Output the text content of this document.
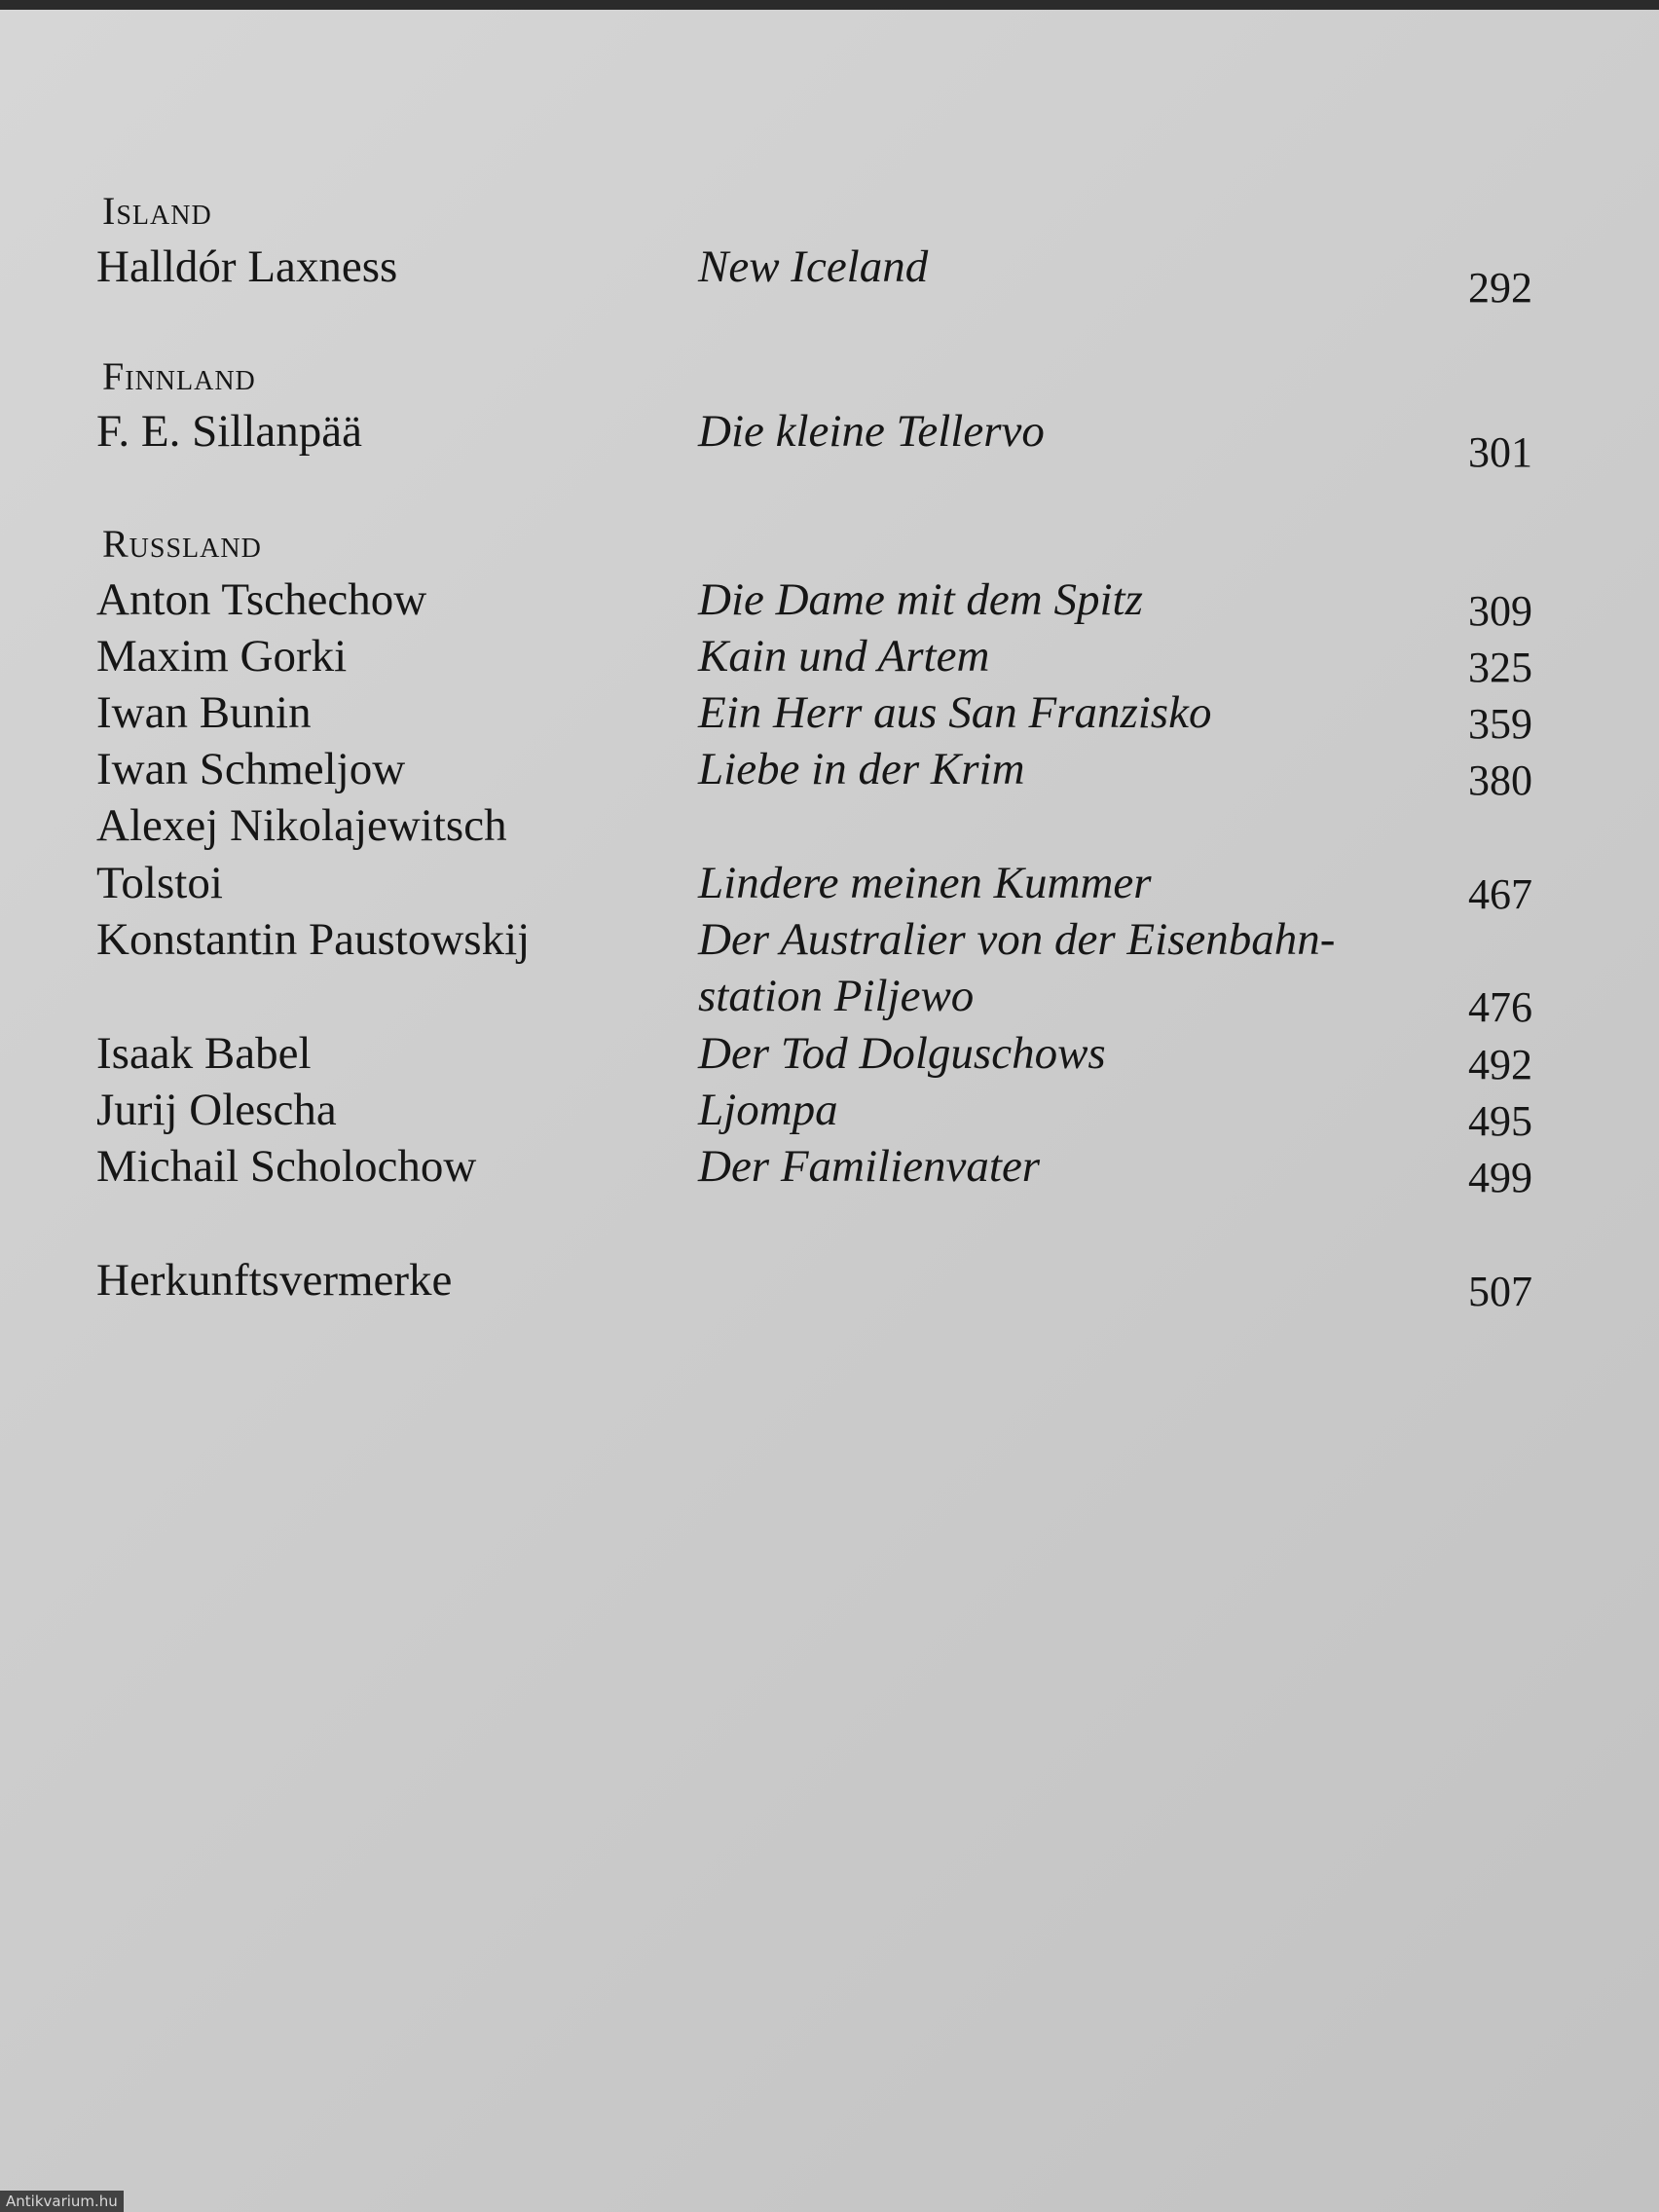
Island
Halldór Laxness	New Iceland	292
Finnland
F. E. Sillanpää	Die kleine Tellervo	301
Russland
Anton Tschechow	Die Dame mit dem Spitz	309
Maxim Gorki	Kain und Artem	325
Iwan Bunin	Ein Herr aus San Franzisko	359
Iwan Schmeljow	Liebe in der Krim	380
Alexej Nikolajewitsch
Tolstoi	Lindere meinen Kummer	467
Konstantin Paustowskij	Der Australier von der Eisenbahn-
station Piljewo	476
Isaak Babel	Der Tod Dolguschows	492
Jurij Olescha	Ljompa	495
Michail Scholochow	Der Familienvater	499
Herkunftsvermerke	507
Antikvarium.hu
